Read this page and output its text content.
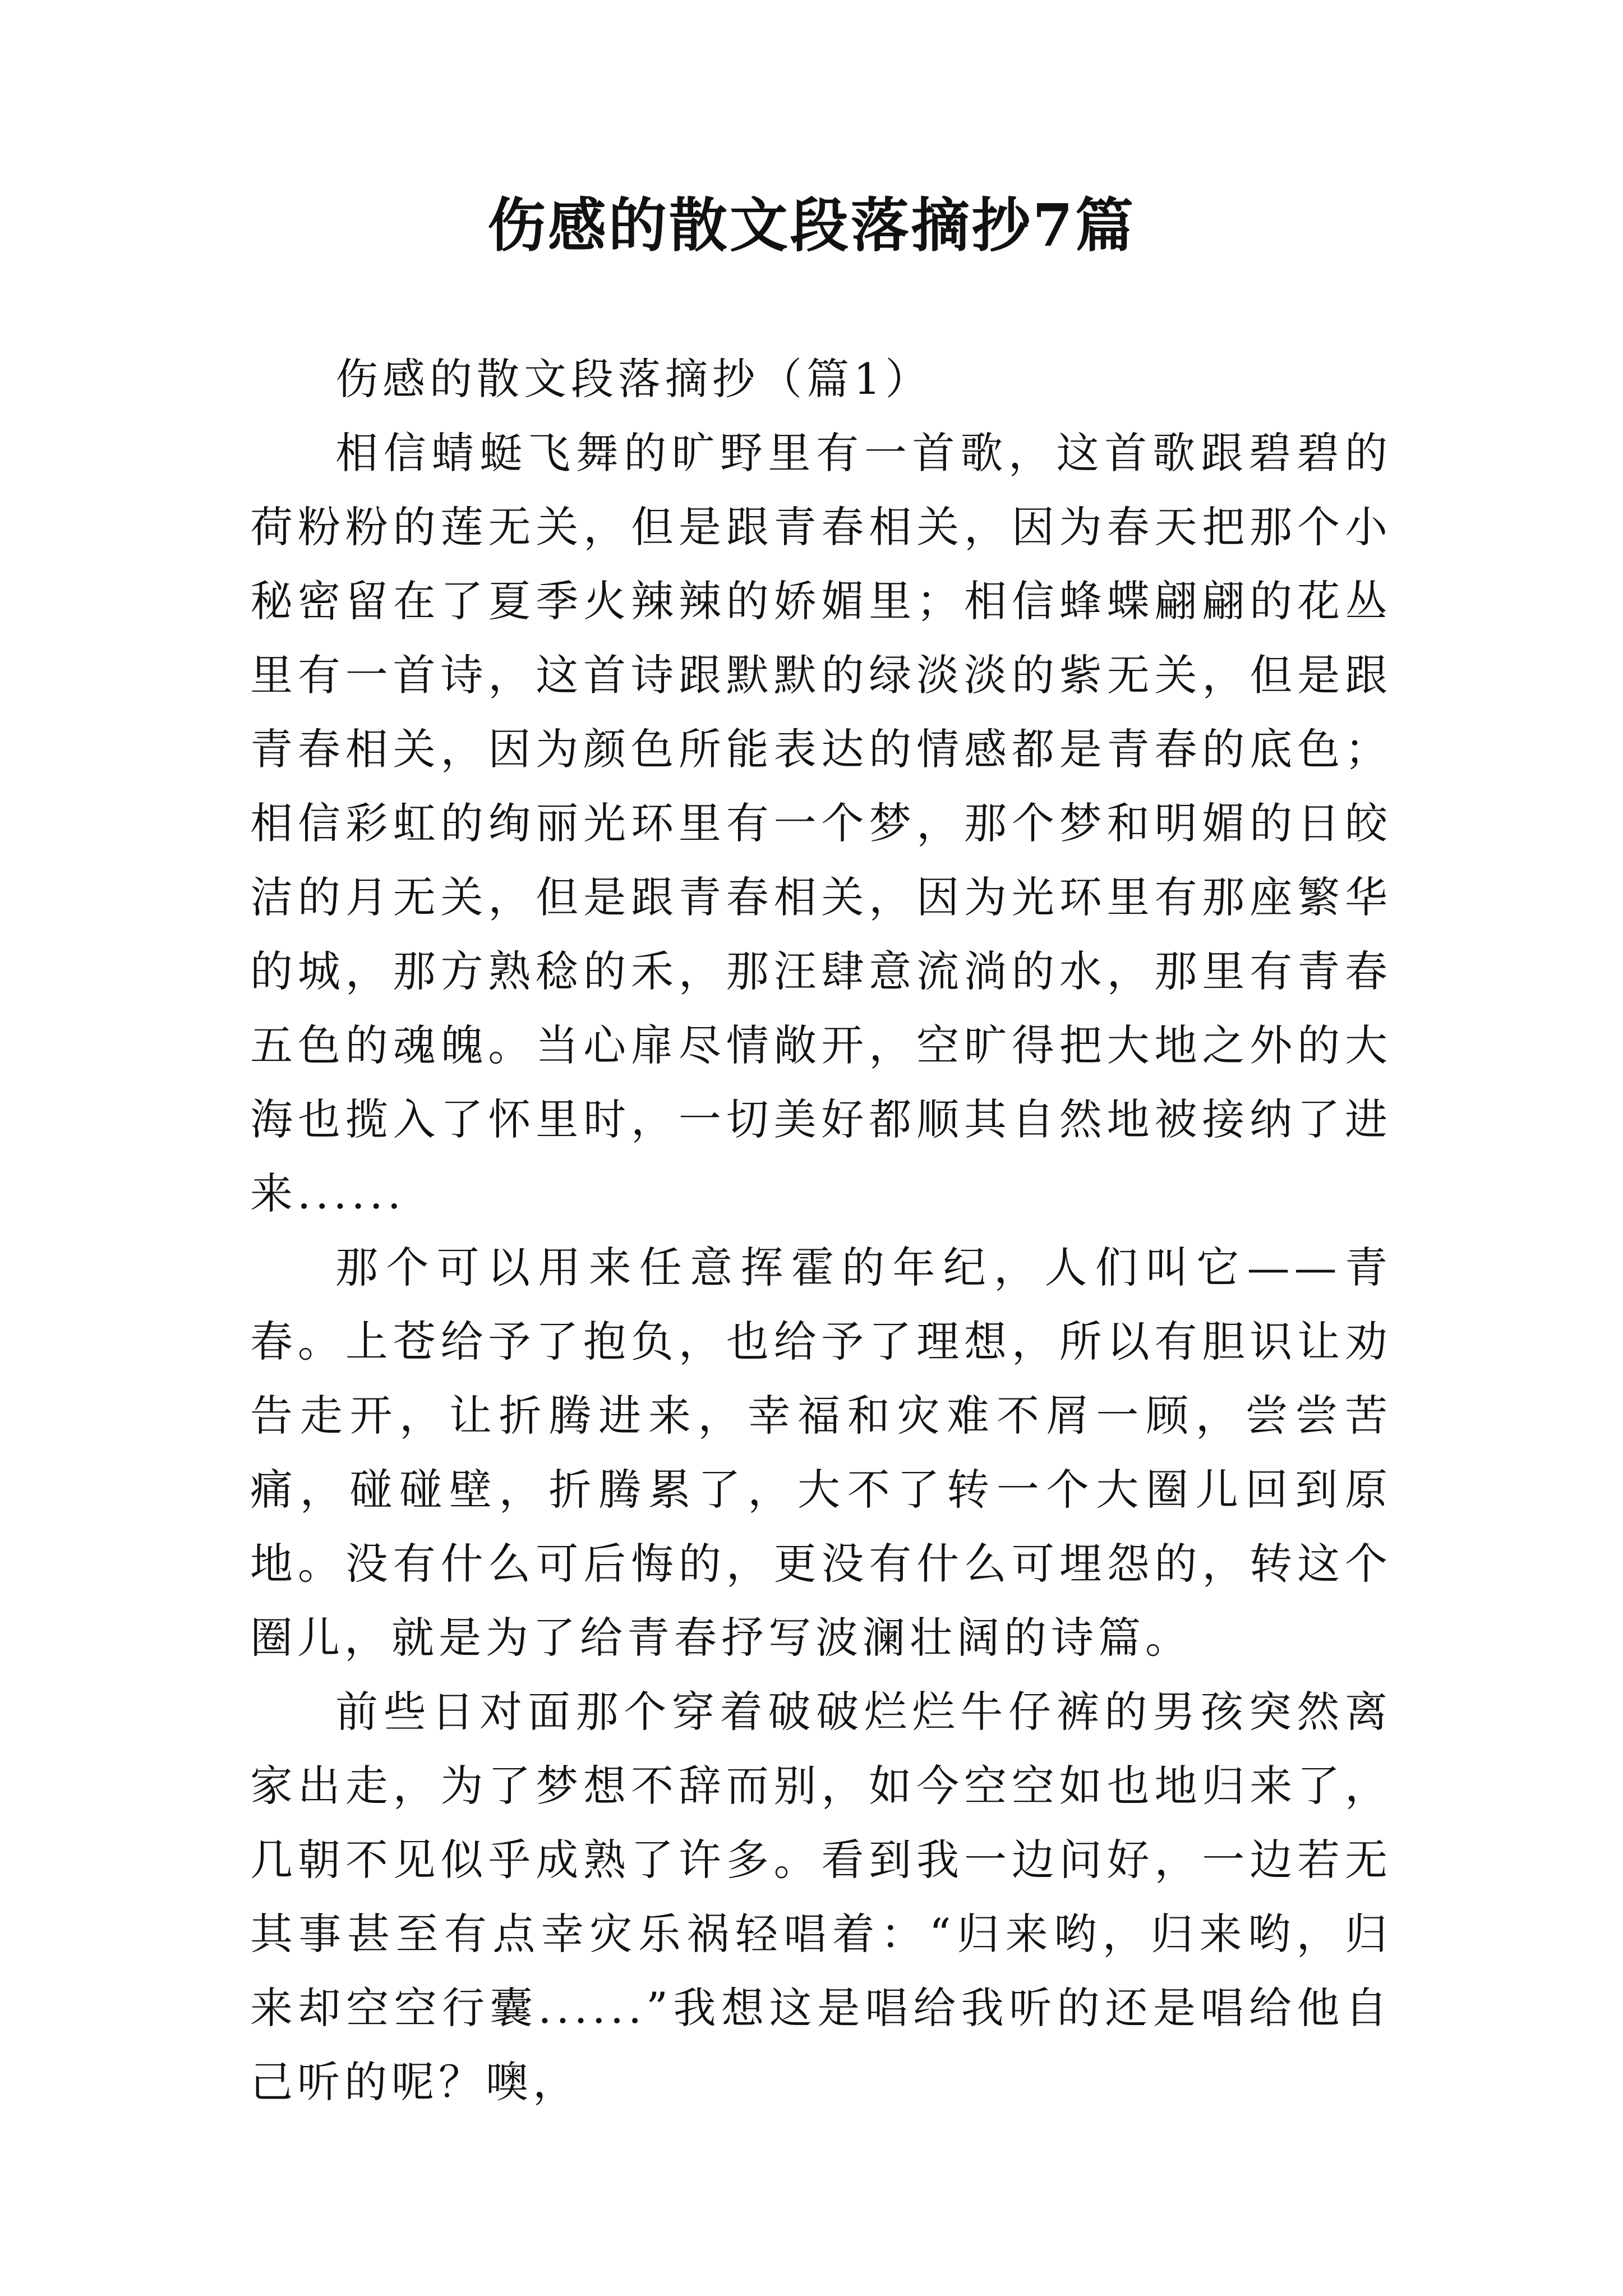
伤感的散文段落摘抄7篇

伤感的散文段落摘抄（篇1）

相信蜻蜓飞舞的旷野里有一首歌，这首歌跟碧碧的荷粉粉的莲无关，但是跟青春相关，因为春天把那个小秘密留在了夏季火辣辣的娇媚里；相信蜂蝶翩翩的花丛里有一首诗，这首诗跟默默的绿淡淡的紫无关，但是跟青春相关，因为颜色所能表达的情感都是青春的底色；相信彩虹的绚丽光环里有一个梦，那个梦和明媚的日皎洁的月无关，但是跟青春相关，因为光环里有那座繁华的城，那方熟稔的禾，那汪肆意流淌的水，那里有青春五色的魂魄。当心扉尽情敞开，空旷得把大地之外的大海也揽入了怀里时，一切美好都顺其自然地被接纳了进来......

那个可以用来任意挥霍的年纪，人们叫它——青春。上苍给予了抱负，也给予了理想，所以有胆识让劝告走开，让折腾进来，幸福和灾难不屑一顾，尝尝苦痛，碰碰壁，折腾累了，大不了转一个大圈儿回到原地。没有什么可后悔的，更没有什么可埋怨的，转这个圈儿，就是为了给青春抒写波澜壮阔的诗篇。

前些日对面那个穿着破破烂烂牛仔裤的男孩突然离家出走，为了梦想不辞而别，如今空空如也地归来了，几朝不见似乎成熟了许多。看到我一边问好，一边若无其事甚至有点幸灾乐祸轻唱着：“归来哟，归来哟，归来却空空行囊......”我想这是唱给我听的还是唱给他自己听的呢？噢，
